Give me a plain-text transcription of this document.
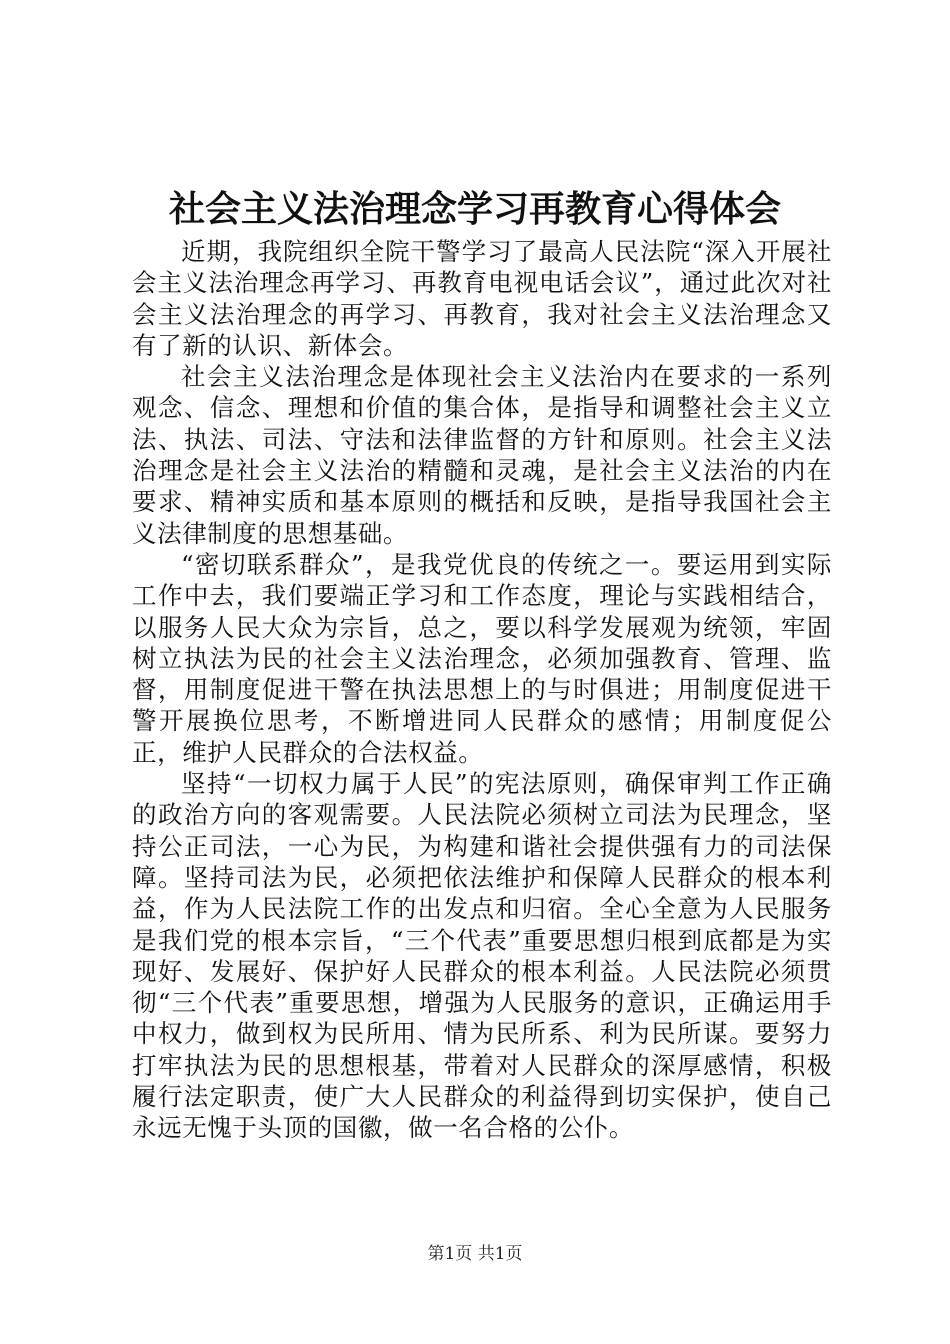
社会主义法治理念学习再教育心得体会

近期，我院组织全院干警学习了最高人民法院“深入开展社会主义法治理念再学习、再教育电视电话会议”，通过此次对社会主义法治理念的再学习、再教育，我对社会主义法治理念又有了新的认识、新体会。

社会主义法治理念是体现社会主义法治内在要求的一系列观念、信念、理想和价值的集合体，是指导和调整社会主义立法、执法、司法、守法和法律监督的方针和原则。社会主义法治理念是社会主义法治的精髓和灵魂，是社会主义法治的内在要求、精神实质和基本原则的概括和反映，是指导我国社会主义法律制度的思想基础。

“密切联系群众”，是我党优良的传统之一。要运用到实际工作中去，我们要端正学习和工作态度，理论与实践相结合，以服务人民大众为宗旨，总之，要以科学发展观为统领，牢固树立执法为民的社会主义法治理念，必须加强教育、管理、监督，用制度促进干警在执法思想上的与时俱进；用制度促进干警开展换位思考，不断增进同人民群众的感情；用制度促公正，维护人民群众的合法权益。

坚持“一切权力属于人民”的宪法原则，确保审判工作正确的政治方向的客观需要。人民法院必须树立司法为民理念，坚持公正司法，一心为民，为构建和谐社会提供强有力的司法保障。坚持司法为民，必须把依法维护和保障人民群众的根本利益，作为人民法院工作的出发点和归宿。全心全意为人民服务是我们党的根本宗旨，“三个代表”重要思想归根到底都是为实现好、发展好、保护好人民群众的根本利益。人民法院必须贯彻“三个代表”重要思想，增强为人民服务的意识，正确运用手中权力，做到权为民所用、情为民所系、利为民所谋。要努力打牢执法为民的思想根基，带着对人民群众的深厚感情，积极履行法定职责，使广大人民群众的利益得到切实保护，使自己永远无愧于头顶的国徽，做一名合格的公仆。

第1页 共1页
